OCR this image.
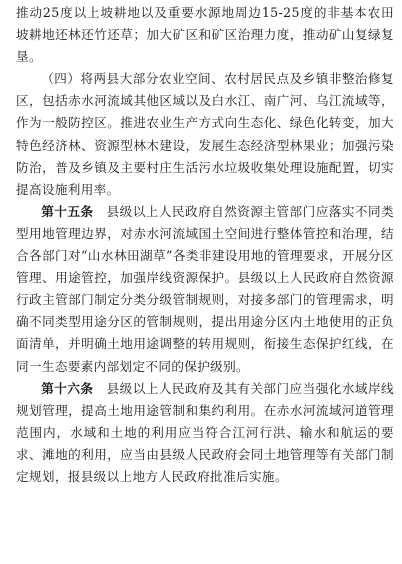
推动25度以上坡耕地以及重要水源地周边15-25度的非基本农田坡耕地还林还竹还草；加大矿区和矿区治理力度，推动矿山复绿复垦。

（四）将两县大部分农业空间、农村居民点及乡镇非整治修复区，包括赤水河流域其他区域以及白水江、南广河、乌江流域等，作为一般防控区。推进农业生产方式向生态化、绿色化转变，加大特色经济林、资源型林木建设，发展生态经济型林果业；加强污染防治，普及乡镇及主要村庄生活污水垃圾收集处理设施配置，切实提高设施利用率。

第十五条  县级以上人民政府自然资源主管部门应落实不同类型用地管理边界，对赤水河流域国土空间进行整体管控和治理，结合各部门对“山水林田湖草”各类非建设用地的管理要求，开展分区管理、用途管控，加强岸线资源保护。县级以上人民政府自然资源行政主管部门制定分类分级管制规则，对接多部门的管理需求，明确不同类型用途分区的管制规则，提出用途分区内土地使用的正负面清单，并明确土地用途调整的转用规则，衔接生态保护红线，在同一生态要素内部划定不同的保护级别。

第十六条  县级以上人民政府及其有关部门应当强化水域岸线规划管理，提高土地用途管制和集约利用。在赤水河流域河道管理范围内，水域和土地的利用应当符合江河行洪、输水和航运的要求、滩地的利用，应当由县级人民政府会同土地管理等有关部门制定规划，报县级以上地方人民政府批准后实施。
